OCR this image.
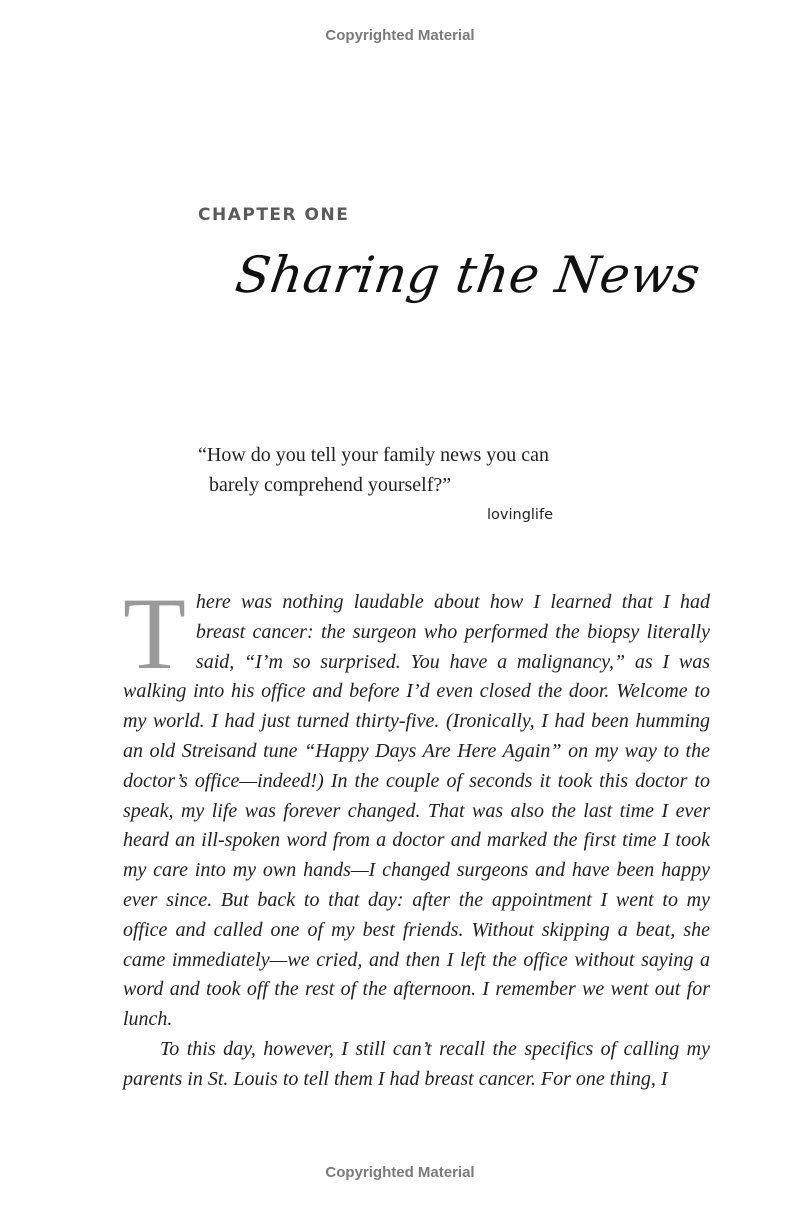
Copyrighted Material
CHAPTER ONE
Sharing the News
“How do you tell your family news you can
barely comprehend yourself?”
lovinglife

There was nothing laudable about how I learned that I had breast cancer: the surgeon who performed the biopsy literally said, “I’m so surprised. You have a malignancy,” as I was walking into his office and before I’d even closed the door. Welcome to my world. I had just turned thirty-five. (Ironically, I had been humming an old Streisand tune “Happy Days Are Here Again” on my way to the doctor’s office—indeed!) In the couple of seconds it took this doctor to speak, my life was forever changed. That was also the last time I ever heard an ill-spoken word from a doctor and marked the first time I took my care into my own hands—I changed surgeons and have been happy ever since. But back to that day: after the appointment I went to my office and called one of my best friends. Without skipping a beat, she came immediately—we cried, and then I left the office without saying a word and took off the rest of the afternoon. I remember we went out for lunch.

To this day, however, I still can’t recall the specifics of calling my parents in St. Louis to tell them I had breast cancer. For one thing, I

Copyrighted Material
